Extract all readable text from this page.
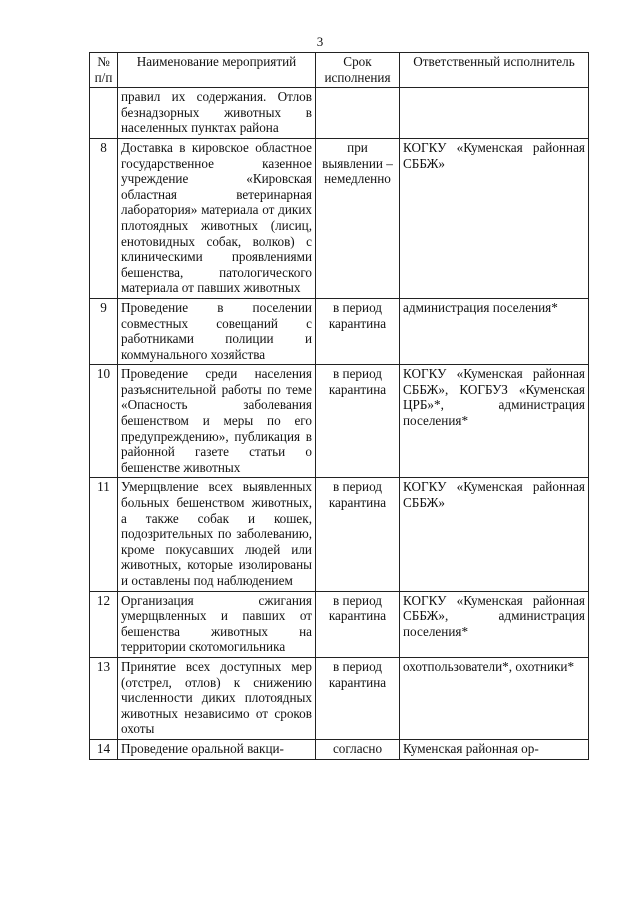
3
№ п/п	Наименование мероприятий	Срок исполнения	Ответственный исполнитель
	правил их содержания. Отлов безнадзорных животных в населенных пунктах района		
8	Доставка в кировское областное государственное казенное учреждение «Кировская областная ветеринарная лаборатория» материала от диких плотоядных животных (лисиц, енотовидных собак, волков) с клиническими проявлениями бешенства, патологического материала от павших животных	при выявлении – немедленно	КОГКУ «Куменская районная СББЖ»
9	Проведение в поселении совместных совещаний с работниками полиции и коммунального хозяйства	в период карантина	администрация поселения*
10	Проведение среди населения разъяснительной работы по теме «Опасность заболевания бешенством и меры по его предупреждению», публикация в районной газете статьи о бешенстве животных	в период карантина	КОГКУ «Куменская районная СББЖ», КОГБУЗ «Куменская ЦРБ»*, администрация поселения*
11	Умерщвление всех выявленных больных бешенством животных, а также собак и кошек, подозрительных по заболеванию, кроме покусавших людей или животных, которые изолированы и оставлены под наблюдением	в период карантина	КОГКУ «Куменская районная СББЖ»
12	Организация сжигания умерщвленных и павших от бешенства животных на территории скотомогильника	в период карантина	КОГКУ «Куменская районная СББЖ», администрация поселения*
13	Принятие всех доступных мер (отстрел, отлов) к снижению численности диких плотоядных животных независимо от сроков охоты	в период карантина	охотпользователи*, охотники*
14	Проведение оральной вакци-	согласно	Куменская районная ор-
